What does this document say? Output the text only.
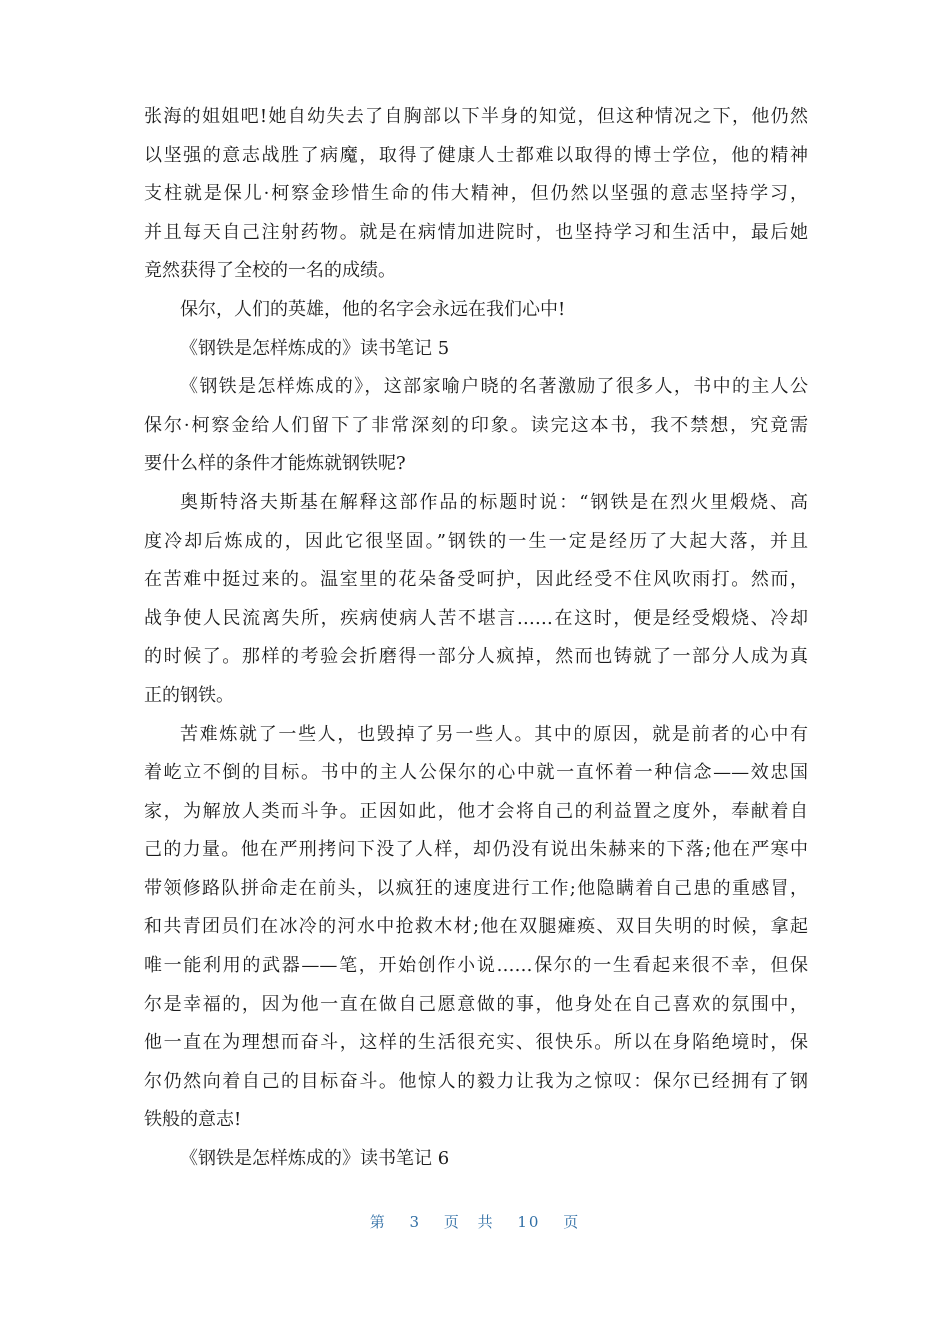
张海的姐姐吧!她自幼失去了自胸部以下半身的知觉，但这种情况之下，他仍然
以坚强的意志战胜了病魔，取得了健康人士都难以取得的博士学位，他的精神
支柱就是保儿·柯察金珍惜生命的伟大精神，但仍然以坚强的意志坚持学习，
并且每天自己注射药物。就是在病情加进院时，也坚持学习和生活中，最后她
竟然获得了全校的一名的成绩。
保尔，人们的英雄，他的名字会永远在我们心中!
《钢铁是怎样炼成的》读书笔记 5
《钢铁是怎样炼成的》，这部家喻户晓的名著激励了很多人，书中的主人公
保尔·柯察金给人们留下了非常深刻的印象。读完这本书，我不禁想，究竟需
要什么样的条件才能炼就钢铁呢?
奥斯特洛夫斯基在解释这部作品的标题时说：“钢铁是在烈火里煅烧、高
度冷却后炼成的，因此它很坚固。”钢铁的一生一定是经历了大起大落，并且
在苦难中挺过来的。温室里的花朵备受呵护，因此经受不住风吹雨打。然而，
战争使人民流离失所，疾病使病人苦不堪言……在这时，便是经受煅烧、冷却
的时候了。那样的考验会折磨得一部分人疯掉，然而也铸就了一部分人成为真
正的钢铁。
苦难炼就了一些人，也毁掉了另一些人。其中的原因，就是前者的心中有
着屹立不倒的目标。书中的主人公保尔的心中就一直怀着一种信念——效忠国
家，为解放人类而斗争。正因如此，他才会将自己的利益置之度外，奉献着自
己的力量。他在严刑拷问下没了人样，却仍没有说出朱赫来的下落;他在严寒中
带领修路队拼命走在前头，以疯狂的速度进行工作;他隐瞒着自己患的重感冒，
和共青团员们在冰冷的河水中抢救木材;他在双腿瘫痪、双目失明的时候，拿起
唯一能利用的武器——笔，开始创作小说……保尔的一生看起来很不幸，但保
尔是幸福的，因为他一直在做自己愿意做的事，他身处在自己喜欢的氛围中，
他一直在为理想而奋斗，这样的生活很充实、很快乐。所以在身陷绝境时，保
尔仍然向着自己的目标奋斗。他惊人的毅力让我为之惊叹：保尔已经拥有了钢
铁般的意志!
《钢铁是怎样炼成的》读书笔记 6
第 3 页 共 10 页
